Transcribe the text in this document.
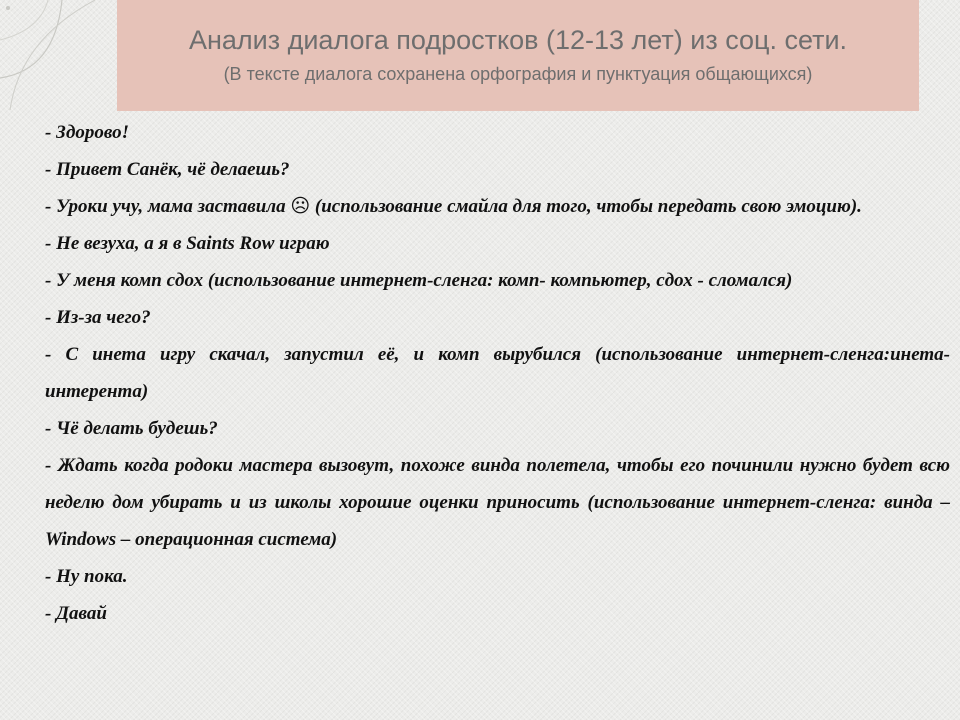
Анализ диалога подростков (12-13 лет) из соц. сети.
(В тексте диалога сохранена орфография и пунктуация общающихся)

- Здорово!

- Привет Санёк, чё делаешь?

- Уроки учу, мама заставила ☹ (использование смайла для того, чтобы передать свою эмоцию).

- Не везуха, а я в Saints Row играю

- У меня комп сдох (использование интернет-сленга: комп- компьютер, сдох - сломался)

- Из-за чего?

- С инета игру скачал, запустил её, и комп вырубился (использование интернет-сленга:инета-интерента)

- Чё делать будешь?

- Ждать когда родоки мастера вызовут, похоже винда полетела, чтобы его починили нужно будет всю неделю дом убирать и из школы хорошие оценки приносить (использование интернет-сленга: винда – Windows – операционная система)

- Ну пока.

- Давай
